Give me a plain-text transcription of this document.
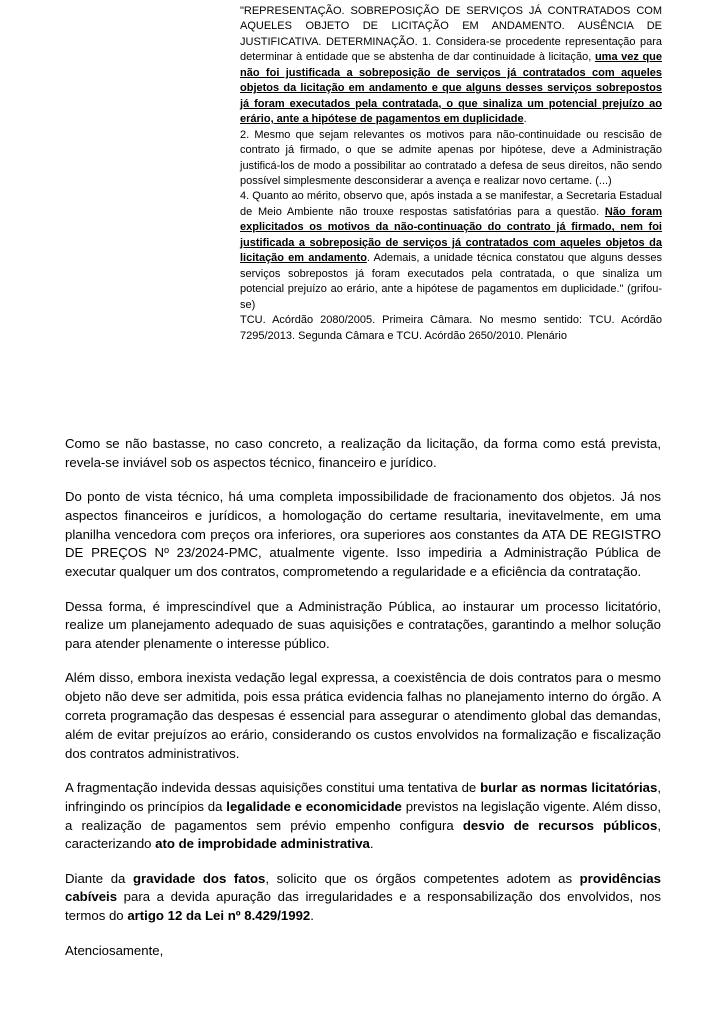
"REPRESENTAÇÃO. SOBREPOSIÇÃO DE SERVIÇOS JÁ CONTRATADOS COM AQUELES OBJETO DE LICITAÇÃO EM ANDAMENTO. AUSÊNCIA DE JUSTIFICATIVA. DETERMINAÇÃO. 1. Considera-se procedente representação para determinar à entidade que se abstenha de dar continuidade à licitação, uma vez que não foi justificada a sobreposição de serviços já contratados com aqueles objetos da licitação em andamento e que alguns desses serviços sobrepostos já foram executados pela contratada, o que sinaliza um potencial prejuízo ao erário, ante a hipótese de pagamentos em duplicidade.

2. Mesmo que sejam relevantes os motivos para não-continuidade ou rescisão de contrato já firmado, o que se admite apenas por hipótese, deve a Administração justificá-los de modo a possibilitar ao contratado a defesa de seus direitos, não sendo possível simplesmente desconsiderar a avença e realizar novo certame. (...)

4. Quanto ao mérito, observo que, após instada a se manifestar, a Secretaria Estadual de Meio Ambiente não trouxe respostas satisfatórias para a questão. Não foram explicitados os motivos da não-continuação do contrato já firmado, nem foi justificada a sobreposição de serviços já contratados com aqueles objetos da licitação em andamento. Ademais, a unidade técnica constatou que alguns desses serviços sobrepostos já foram executados pela contratada, o que sinaliza um potencial prejuízo ao erário, ante a hipótese de pagamentos em duplicidade." (grifou-se)

TCU. Acórdão 2080/2005. Primeira Câmara. No mesmo sentido: TCU. Acórdão 7295/2013. Segunda Câmara e TCU. Acórdão 2650/2010. Plenário

Como se não bastasse, no caso concreto, a realização da licitação, da forma como está prevista, revela-se inviável sob os aspectos técnico, financeiro e jurídico.

Do ponto de vista técnico, há uma completa impossibilidade de fracionamento dos objetos. Já nos aspectos financeiros e jurídicos, a homologação do certame resultaria, inevitavelmente, em uma planilha vencedora com preços ora inferiores, ora superiores aos constantes da ATA DE REGISTRO DE PREÇOS Nº 23/2024-PMC, atualmente vigente. Isso impediria a Administração Pública de executar qualquer um dos contratos, comprometendo a regularidade e a eficiência da contratação.

Dessa forma, é imprescindível que a Administração Pública, ao instaurar um processo licitatório, realize um planejamento adequado de suas aquisições e contratações, garantindo a melhor solução para atender plenamente o interesse público.

Além disso, embora inexista vedação legal expressa, a coexistência de dois contratos para o mesmo objeto não deve ser admitida, pois essa prática evidencia falhas no planejamento interno do órgão. A correta programação das despesas é essencial para assegurar o atendimento global das demandas, além de evitar prejuízos ao erário, considerando os custos envolvidos na formalização e fiscalização dos contratos administrativos.

A fragmentação indevida dessas aquisições constitui uma tentativa de burlar as normas licitatórias, infringindo os princípios da legalidade e economicidade previstos na legislação vigente. Além disso, a realização de pagamentos sem prévio empenho configura desvio de recursos públicos, caracterizando ato de improbidade administrativa.

Diante da gravidade dos fatos, solicito que os órgãos competentes adotem as providências cabíveis para a devida apuração das irregularidades e a responsabilização dos envolvidos, nos termos do artigo 12 da Lei nº 8.429/1992.

Atenciosamente,
